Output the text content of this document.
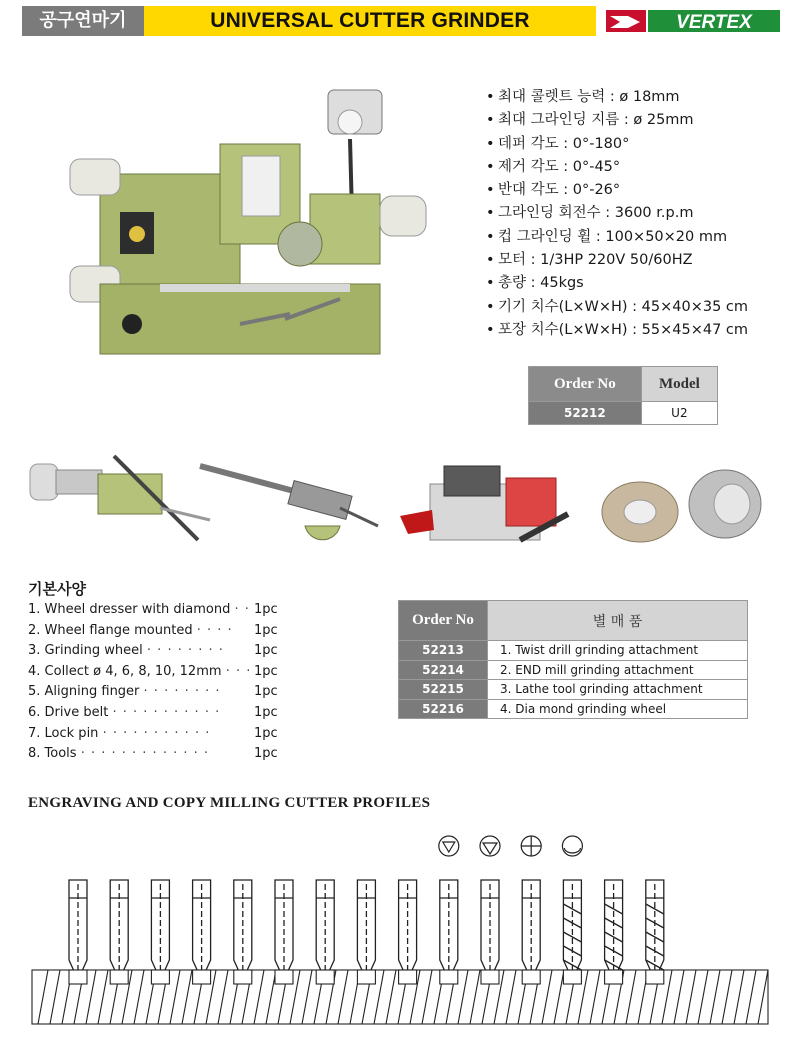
공구연마기	UNIVERSAL CUTTER GRINDER	VERTEX
• 최대 콜렛트 능력 : ø 18mm
• 최대 그라인딩 지름 : ø 25mm
• 데퍼 각도 : 0°-180°
• 제거 각도 : 0°-45°
• 반대 각도 : 0°-26°
• 그라인딩 회전수 : 3600 r.p.m
• 컵 그라인딩 휠 : 100×50×20 mm
• 모터 : 1/3HP 220V 50/60HZ
• 총량 : 45kgs
• 기기 치수(L×W×H) : 45×40×35 cm
• 포장 치수(L×W×H) : 55×45×47 cm
Order No	Model
52212	U2
기본사양
1. Wheel dresser with diamond · · 1pc
2. Wheel flange mounted · · · · 1pc
3. Grinding wheel · · · · · · · · 1pc
4. Collect ø 4, 6, 8, 10, 12mm · · · 1pc
5. Aligning finger · · · · · · · ·	1pc
6. Drive belt · · · · · · · · · · ·	1pc
7. Lock pin · · · · · · · · · · ·	1pc
8. Tools · · · · · · · · · · · · ·	1pc
Order No	별 매 품
52213	1. Twist drill grinding attachment
52214	2. END mill grinding attachment
52215	3. Lathe tool grinding attachment
52216	4. Dia mond grinding wheel
ENGRAVING AND COPY MILLING CUTTER PROFILES
